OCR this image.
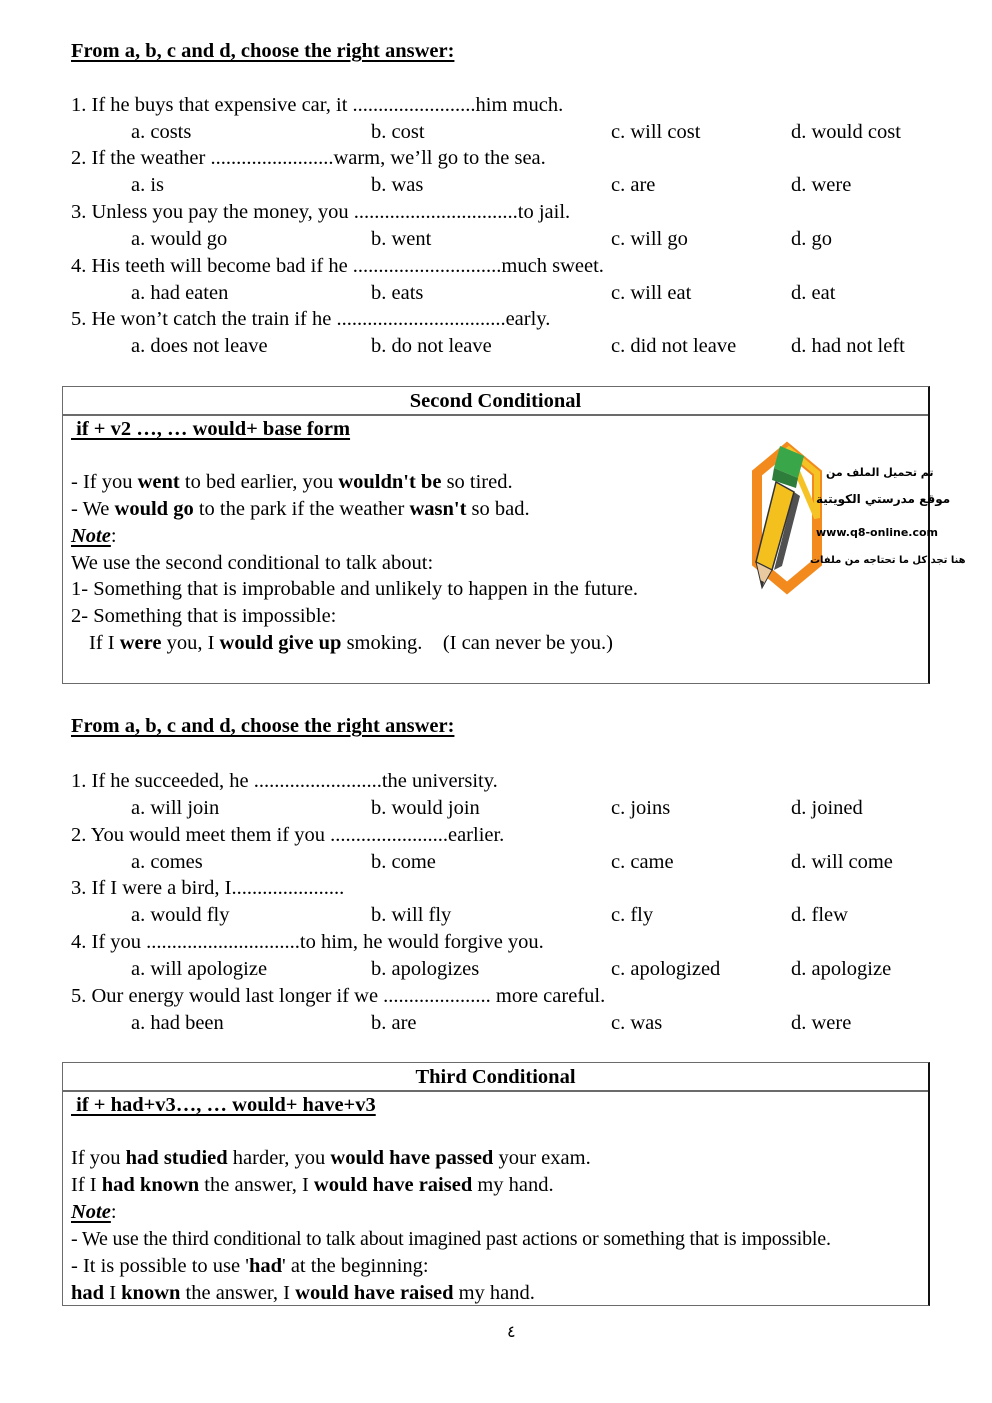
From a, b, c and d, choose the right answer:
1. If he buys that expensive car, it ........................him much.
a. costs	b. cost	c. will cost	d. would cost
2. If the weather ........................warm, we’ll go to the sea.
a. is	b. was	c. are	d. were
3. Unless you pay the money, you ................................to jail.
a. would go	b. went	c. will go	d. go
4. His teeth will become bad if he .............................much sweet.
a. had eaten	b. eats	c. will eat	d. eat
5. He won’t catch the train if he .................................early.
a. does not leave	b. do not leave	c. did not leave	d. had not left
Second Conditional
if + v2 …, … would+ base form
- If you went to bed earlier, you wouldn't be so tired.
- We would go to the park if the weather wasn't so bad.
Note:
We use the second conditional to talk about:
1- Something that is improbable and unlikely to happen in the future.
2- Something that is impossible:
If I were you, I would give up smoking.    (I can never be you.)
تم تحميل الملف من
موقع مدرستي الكويتية
www.q8-online.com
هنا تجد كل ما تحتاجه من ملفات
From a, b, c and d, choose the right answer:
1. If he succeeded, he .........................the university.
a. will join	b. would join	c. joins	d. joined
2. You would meet them if you .......................earlier.
a. comes	b. come	c. came	d. will come
3. If I were a bird, I......................
a. would fly	b. will fly	c. fly	d. flew
4. If you ..............................to him, he would forgive you.
a. will apologize	b. apologizes	c. apologized	d. apologize
5. Our energy would last longer if we ..................... more careful.
a. had been	b. are	c. was	d. were
Third Conditional
if + had+v3…, … would+ have+v3
If you had studied harder, you would have passed your exam.
If I had known the answer, I would have raised my hand.
Note:
- We use the third conditional to talk about imagined past actions or something that is impossible.
- It is possible to use 'had' at the beginning:
had I known the answer, I would have raised my hand.
٤
